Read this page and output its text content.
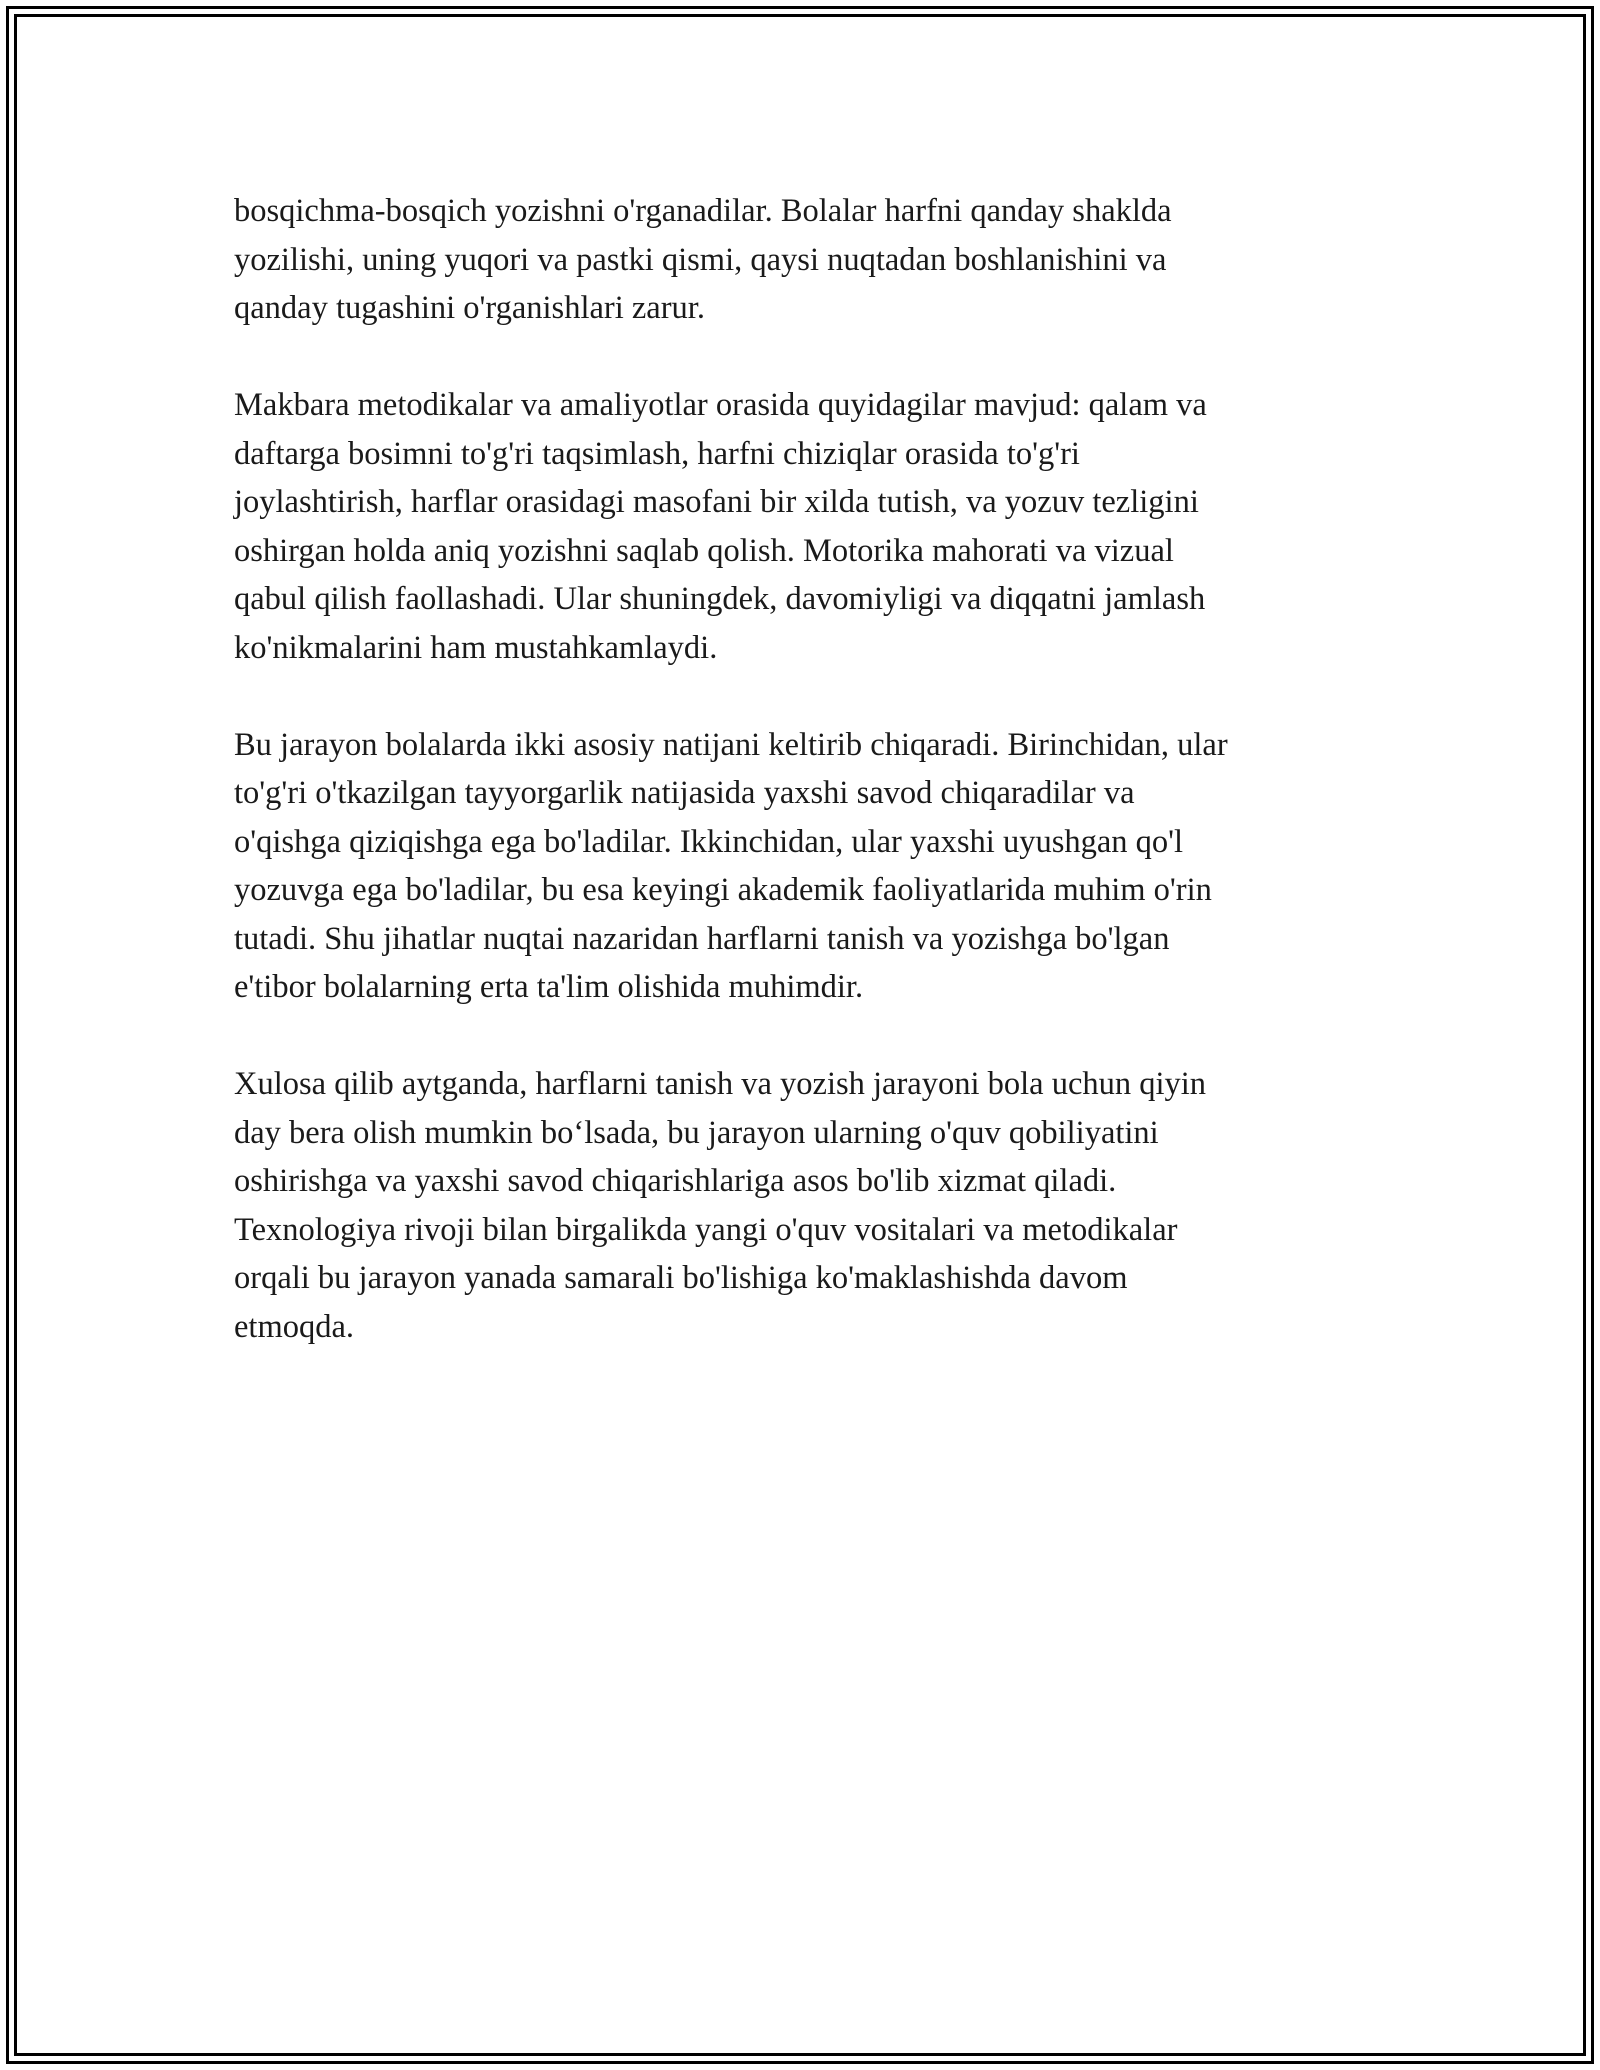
bosqichma-bosqich yozishni o'rganadilar. Bolalar harfni qanday shaklda
yozilishi, uning yuqori va pastki qismi, qaysi nuqtadan boshlanishini va
qanday tugashini o'rganishlari zarur.

Makbara metodikalar va amaliyotlar orasida quyidagilar mavjud: qalam va
daftarga bosimni to'g'ri taqsimlash, harfni chiziqlar orasida to'g'ri
joylashtirish, harflar orasidagi masofani bir xilda tutish, va yozuv tezligini
oshirgan holda aniq yozishni saqlab qolish. Motorika mahorati va vizual
qabul qilish faollashadi. Ular shuningdek, davomiyligi va diqqatni jamlash
ko'nikmalarini ham mustahkamlaydi.

Bu jarayon bolalarda ikki asosiy natijani keltirib chiqaradi. Birinchidan, ular
to'g'ri o'tkazilgan tayyorgarlik natijasida yaxshi savod chiqaradilar va
o'qishga qiziqishga ega bo'ladilar. Ikkinchidan, ular yaxshi uyushgan qo'l
yozuvga ega bo'ladilar, bu esa keyingi akademik faoliyatlarida muhim o'rin
tutadi. Shu jihatlar nuqtai nazaridan harflarni tanish va yozishga bo'lgan
e'tibor bolalarning erta ta'lim olishida muhimdir.

Xulosa qilib aytganda, harflarni tanish va yozish jarayoni bola uchun qiyin
day bera olish mumkin bo‘lsada, bu jarayon ularning o'quv qobiliyatini
oshirishga va yaxshi savod chiqarishlariga asos bo'lib xizmat qiladi.
Texnologiya rivoji bilan birgalikda yangi o'quv vositalari va metodikalar
orqali bu jarayon yanada samarali bo'lishiga ko'maklashishda davom
etmoqda.
